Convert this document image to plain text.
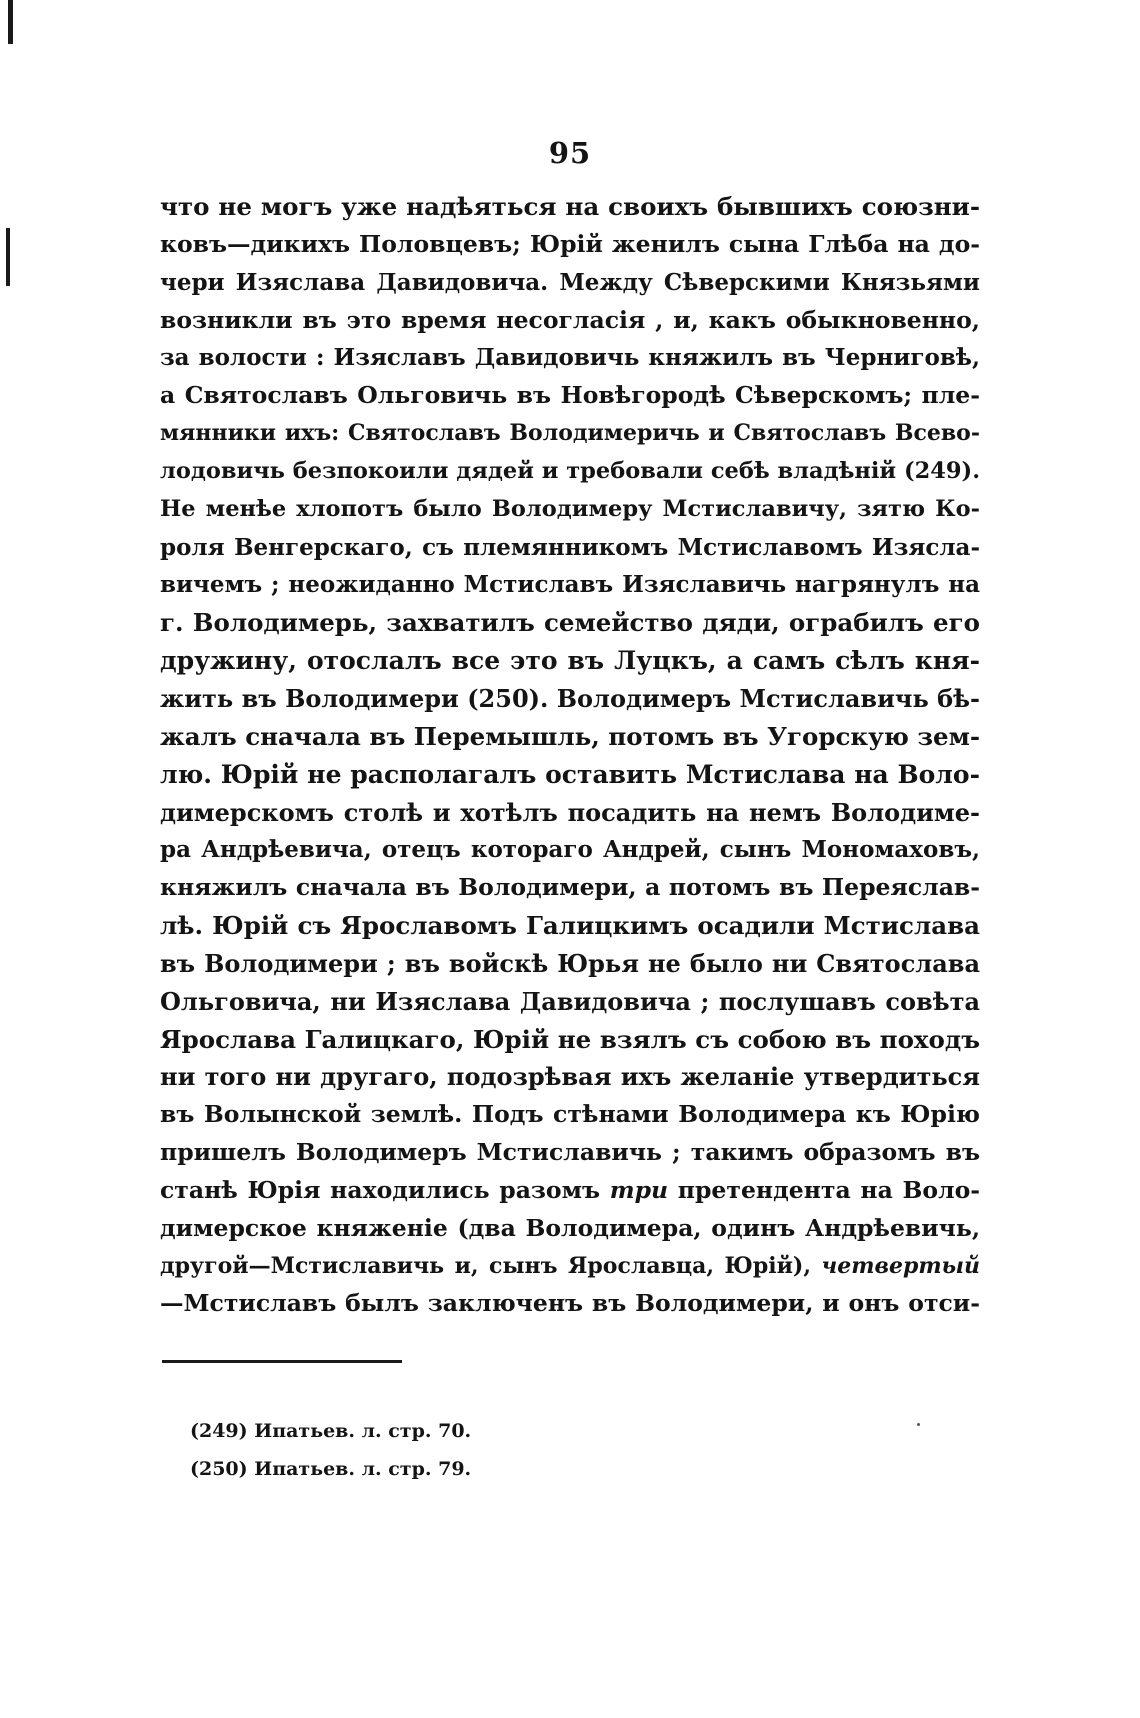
95
что не могъ уже надѣяться на своихъ бывшихъ союзни-
ковъ—дикихъ Половцевъ; Юрій женилъ сына Глѣба на до-
чери Изяслава Давидовича. Между Сѣверскими Князьями
возникли въ это время несогласія , и, какъ обыкновенно,
за волости : Изяславъ Давидовичь княжилъ въ Черниговѣ,
а Святославъ Ольговичь въ Новѣгородѣ Сѣверскомъ; пле-
мянники ихъ: Святославъ Володимеричь и Святославъ Всево-
лодовичь безпокоили дядей и требовали себѣ владѣній (249).
Не менѣе хлопотъ было Володимеру Мстиславичу, зятю Ко-
роля Венгерскаго, съ племянникомъ Мстиславомъ Изясла-
вичемъ ; неожиданно Мстиславъ Изяславичь нагрянулъ на
г. Володимерь, захватилъ семейство дяди, ограбилъ его
дружину, отослалъ все это въ Луцкъ, а самъ сѣлъ кня-
жить въ Володимери (250). Володимеръ Мстиславичь бѣ-
жалъ сначала въ Перемышль, потомъ въ Угорскую зем-
лю. Юрій не располагалъ оставить Мстислава на Воло-
димерскомъ столѣ и хотѣлъ посадить на немъ Володиме-
ра Андрѣевича, отецъ котораго Андрей, сынъ Мономаховъ,
княжилъ сначала въ Володимери, а потомъ въ Переяслав-
лѣ. Юрій съ Ярославомъ Галицкимъ осадили Мстислава
въ Володимери ; въ войскѣ Юрья не было ни Святослава
Ольговича, ни Изяслава Давидовича ; послушавъ совѣта
Ярослава Галицкаго, Юрій не взялъ съ собою въ походъ
ни того ни другаго, подозрѣвая ихъ желаніе утвердиться
въ Волынской землѣ. Подъ стѣнами Володимера къ Юрію
пришелъ Володимеръ Мстиславичь ; такимъ образомъ въ
станѣ Юрія находились разомъ три претендента на Воло-
димерское княженіе (два Володимера, одинъ Андрѣевичь,
другой—Мстиславичь и, сынъ Ярославца, Юрій), четвертый
—Мстиславъ былъ заключенъ въ Володимери, и онъ отси-
(249) Ипатьев. л. стр. 70.
(250) Ипатьев. л. стр. 79.
